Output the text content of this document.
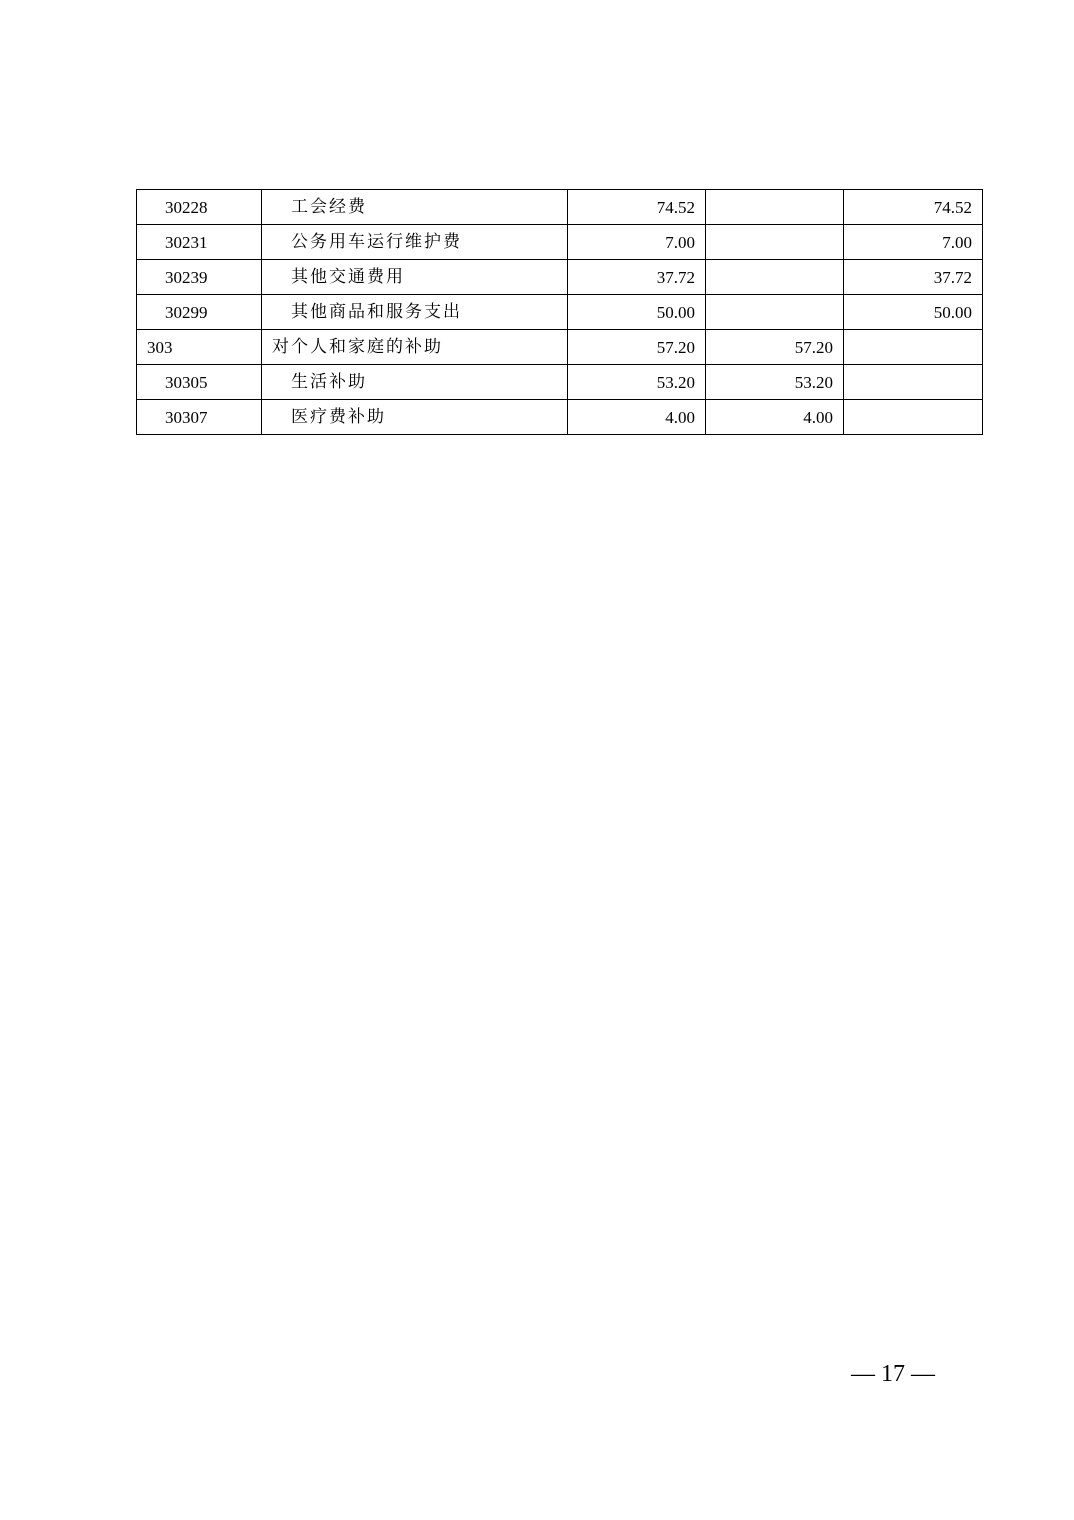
30228	工会经费	74.52		74.52
30231	公务用车运行维护费	7.00		7.00
30239	其他交通费用	37.72		37.72
30299	其他商品和服务支出	50.00		50.00
303	对个人和家庭的补助	57.20	57.20	
30305	生活补助	53.20	53.20	
30307	医疗费补助	4.00	4.00	
— 17 —
